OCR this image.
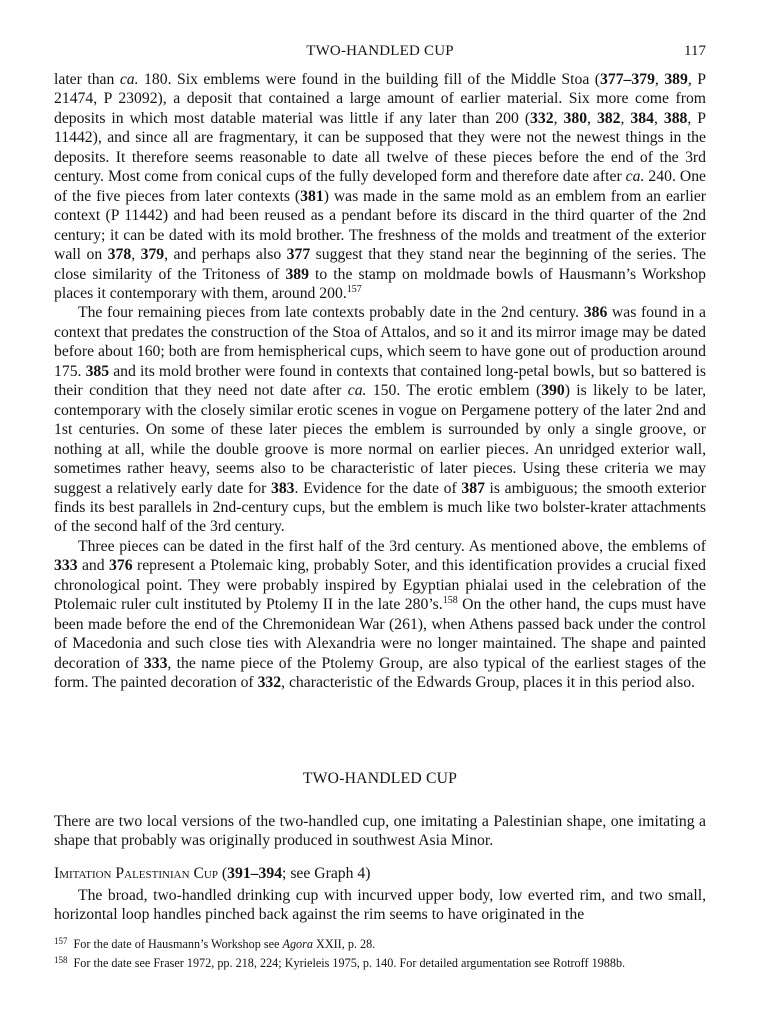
TWO-HANDLED CUP	117

later than ca. 180. Six emblems were found in the building fill of the Middle Stoa (377–379, 389, P 21474, P 23092), a deposit that contained a large amount of earlier material. Six more come from deposits in which most datable material was little if any later than 200 (332, 380, 382, 384, 388, P 11442), and since all are fragmentary, it can be supposed that they were not the newest things in the deposits. It therefore seems reasonable to date all twelve of these pieces before the end of the 3rd century. Most come from conical cups of the fully developed form and therefore date after ca. 240. One of the five pieces from later contexts (381) was made in the same mold as an emblem from an earlier context (P 11442) and had been reused as a pendant before its discard in the third quarter of the 2nd century; it can be dated with its mold brother. The freshness of the molds and treatment of the exterior wall on 378, 379, and perhaps also 377 suggest that they stand near the beginning of the series. The close similarity of the Tritoness of 389 to the stamp on moldmade bowls of Hausmann’s Workshop places it contemporary with them, around 200.$^{157}$

The four remaining pieces from late contexts probably date in the 2nd century. 386 was found in a context that predates the construction of the Stoa of Attalos, and so it and its mirror image may be dated before about 160; both are from hemispherical cups, which seem to have gone out of production around 175. 385 and its mold brother were found in contexts that contained long-petal bowls, but so battered is their condition that they need not date after ca. 150. The erotic emblem (390) is likely to be later, contemporary with the closely similar erotic scenes in vogue on Pergamene pottery of the later 2nd and 1st centuries. On some of these later pieces the emblem is surrounded by only a single groove, or nothing at all, while the double groove is more normal on earlier pieces. An unridged exterior wall, sometimes rather heavy, seems also to be characteristic of later pieces. Using these criteria we may suggest a relatively early date for 383. Evidence for the date of 387 is ambiguous; the smooth exterior finds its best parallels in 2nd-century cups, but the emblem is much like two bolster-krater attachments of the second half of the 3rd century.

Three pieces can be dated in the first half of the 3rd century. As mentioned above, the emblems of 333 and 376 represent a Ptolemaic king, probably Soter, and this identification provides a crucial fixed chronological point. They were probably inspired by Egyptian phialai used in the celebration of the Ptolemaic ruler cult instituted by Ptolemy II in the late 280’s.$^{158}$ On the other hand, the cups must have been made before the end of the Chremonidean War (261), when Athens passed back under the control of Macedonia and such close ties with Alexandria were no longer maintained. The shape and painted decoration of 333, the name piece of the Ptolemy Group, are also typical of the earliest stages of the form. The painted decoration of 332, characteristic of the Edwards Group, places it in this period also.

TWO-HANDLED CUP
There are two local versions of the two-handled cup, one imitating a Palestinian shape, one imitating a shape that probably was originally produced in southwest Asia Minor.
Imitation Palestinian Cup (391–394; see Graph 4)
The broad, two-handled drinking cup with incurved upper body, low everted rim, and two small, horizontal loop handles pinched back against the rim seems to have originated in the
$^{157}$ For the date of Hausmann’s Workshop see Agora XXII, p. 28.
$^{158}$ For the date see Fraser 1972, pp. 218, 224; Kyrieleis 1975, p. 140. For detailed argumentation see Rotroff 1988b.
